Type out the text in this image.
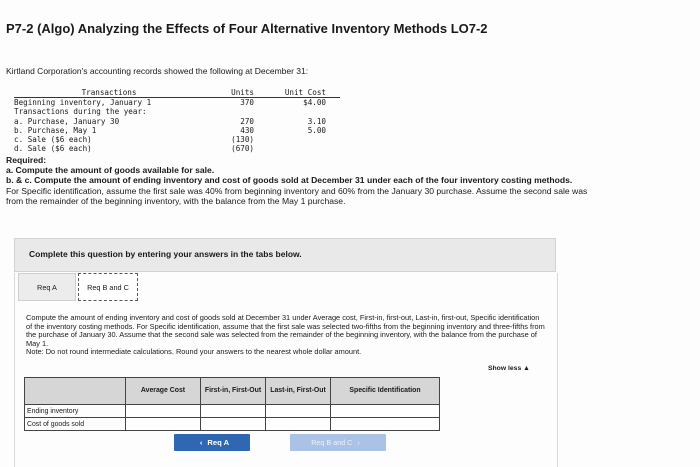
P7-2 (Algo) Analyzing the Effects of Four Alternative Inventory Methods LO7-2
Kirtland Corporation's accounting records showed the following at December 31:
Transactions	Units	Unit Cost
Beginning inventory, January 1	370	$4.00
Transactions during the year:		
a. Purchase, January 30	270	3.10
b. Purchase, May 1	430	5.00
c. Sale ($6 each)	(130)	
d. Sale ($6 each)	(670)	
Required:
a. Compute the amount of goods available for sale.
b. & c. Compute the amount of ending inventory and cost of goods sold at December 31 under each of the four inventory costing methods.
For Specific identification, assume the first sale was 40% from beginning inventory and 60% from the January 30 purchase. Assume the second sale was from the remainder of the beginning inventory, with the balance from the May 1 purchase.
Complete this question by entering your answers in the tabs below.
Req A	Req B and C
Compute the amount of ending inventory and cost of goods sold at December 31 under Average cost, First-in, first-out, Last-in, first-out, Specific identification of the inventory costing methods. For Specific identification, assume that the first sale was selected two-fifths from the beginning inventory and three-fifths from the purchase of January 30. Assume that the second sale was selected from the remainder of the beginning inventory, with the balance from the purchase of May 1.
Note: Do not round intermediate calculations. Round your answers to the nearest whole dollar amount.
Show less ▲
	Average Cost	First-in, First-Out	Last-in, First-Out	Specific Identification
Ending inventory				
Cost of goods sold				
‹ Req A	Req B and C ›
